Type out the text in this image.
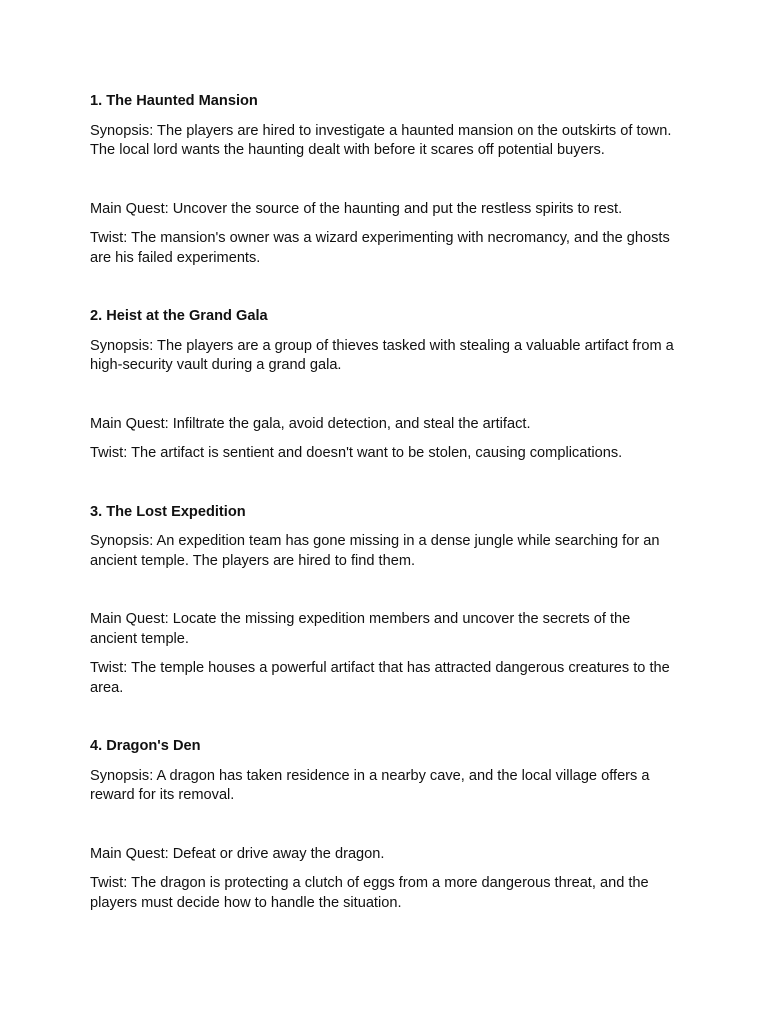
1. The Haunted Mansion
Synopsis: The players are hired to investigate a haunted mansion on the outskirts of town. The local lord wants the haunting dealt with before it scares off potential buyers.
Main Quest: Uncover the source of the haunting and put the restless spirits to rest.
Twist: The mansion's owner was a wizard experimenting with necromancy, and the ghosts are his failed experiments.
2. Heist at the Grand Gala
Synopsis: The players are a group of thieves tasked with stealing a valuable artifact from a high-security vault during a grand gala.
Main Quest: Infiltrate the gala, avoid detection, and steal the artifact.
Twist: The artifact is sentient and doesn't want to be stolen, causing complications.
3. The Lost Expedition
Synopsis: An expedition team has gone missing in a dense jungle while searching for an ancient temple. The players are hired to find them.
Main Quest: Locate the missing expedition members and uncover the secrets of the ancient temple.
Twist: The temple houses a powerful artifact that has attracted dangerous creatures to the area.
4. Dragon's Den
Synopsis: A dragon has taken residence in a nearby cave, and the local village offers a reward for its removal.
Main Quest: Defeat or drive away the dragon.
Twist: The dragon is protecting a clutch of eggs from a more dangerous threat, and the players must decide how to handle the situation.
